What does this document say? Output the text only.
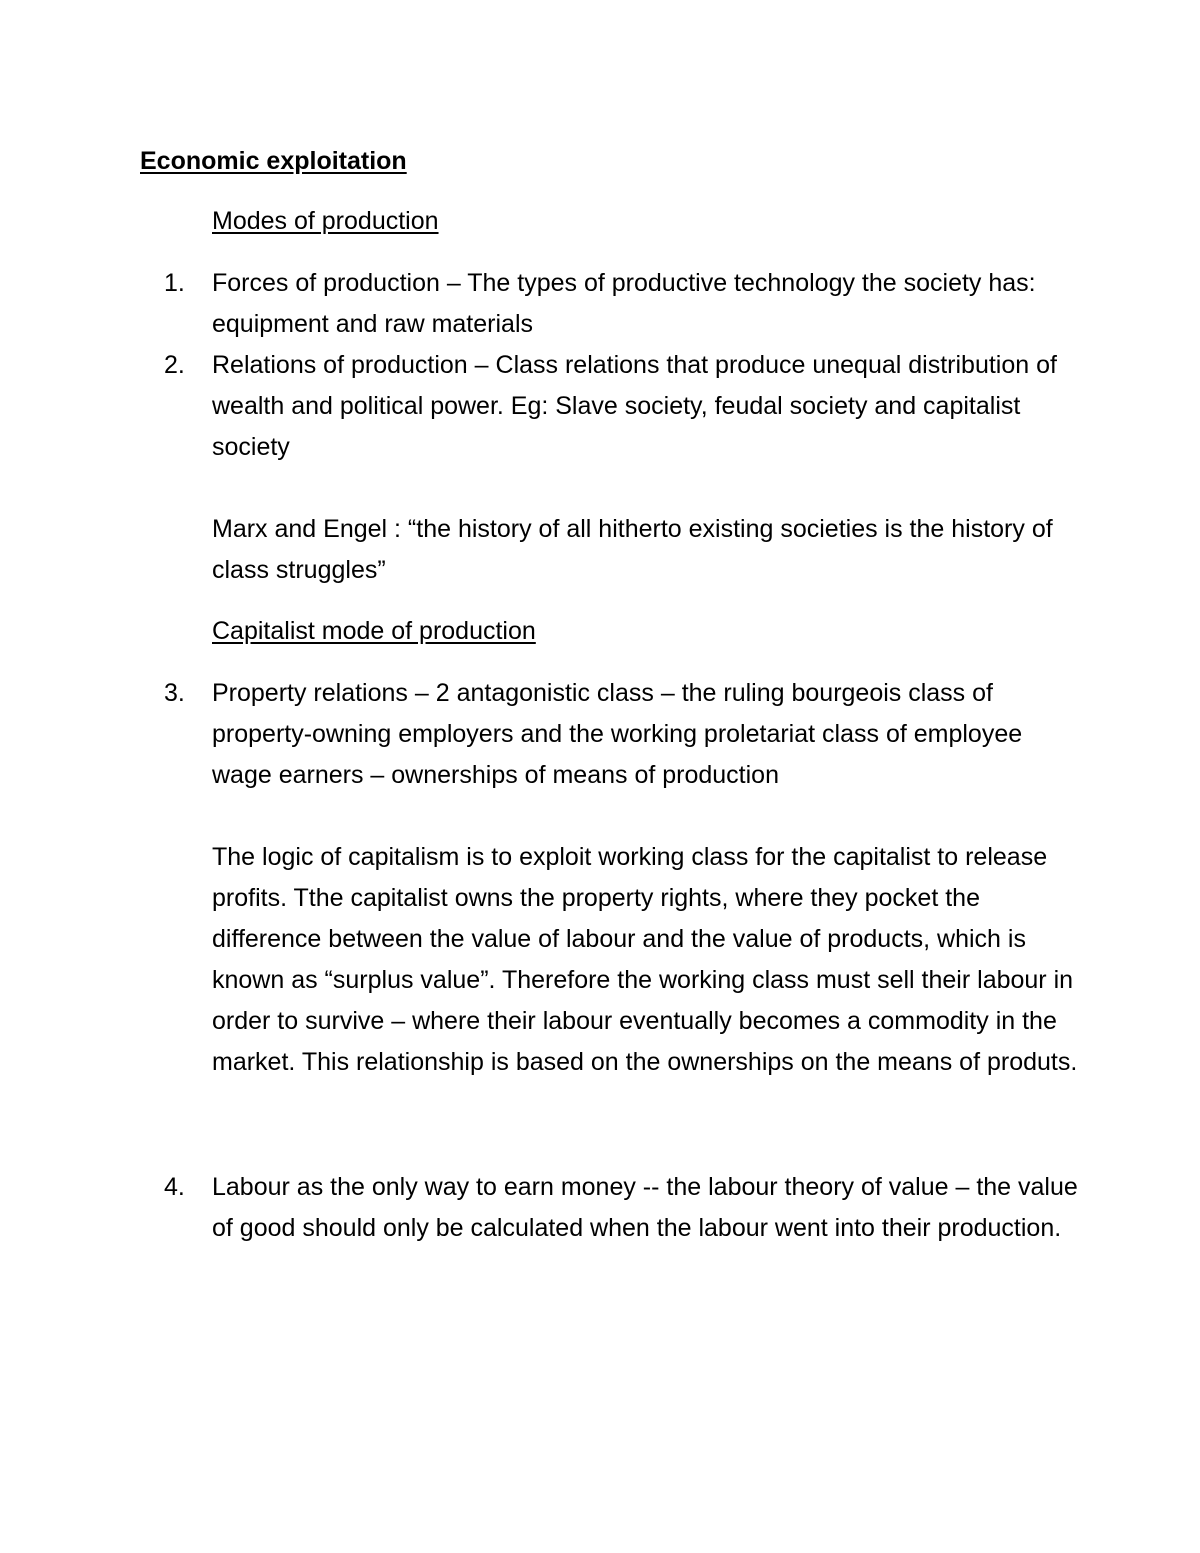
Economic exploitation
Modes of production
1. Forces of production – The types of productive technology the society has: equipment and raw materials
2. Relations of production – Class relations that produce unequal distribution of wealth and political power. Eg: Slave society, feudal society and capitalist society
Marx and Engel : “the history of all hitherto existing societies is the history of class struggles”
Capitalist mode of production
3. Property relations – 2 antagonistic class – the ruling bourgeois class of property-owning employers and the working proletariat class of employee wage earners – ownerships of means of production
The logic of capitalism is to exploit working class for the capitalist to release profits. Tthe capitalist owns the property rights, where they pocket the difference between the value of labour and the value of products, which is known as “surplus value”. Therefore the working class must sell their labour in order to survive – where their labour eventually becomes a commodity in the market. This relationship is based on the ownerships on the means of produts.
4. Labour as the only way to earn money -- the labour theory of value – the value of good should only be calculated when the labour went into their production.
